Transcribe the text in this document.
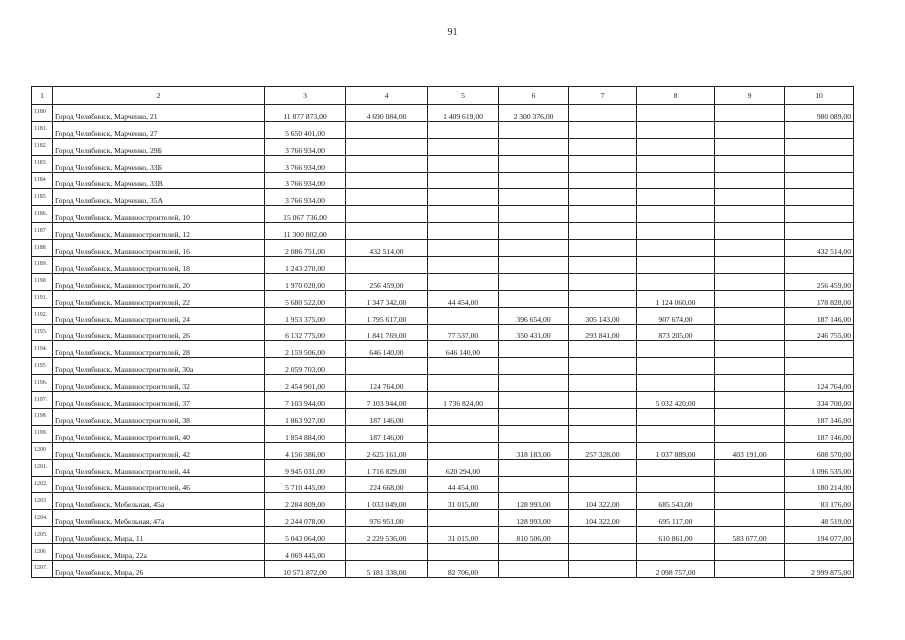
91
1	2	3	4	5	6	7	8	9	10
1180	Город Челябинск, Марченко, 21	11 877 873,00	4 690 084,00	1 409 619,00	2 300 376,00				980 089,00
1181.	Город Челябинск, Марченко, 27	5 650 401,00							
1182	Город Челябинск, Марченко, 29Б	3 766 934,00							
1183	Город Челябинск, Марченко, 33Б	3 766 934,00							
1184	Город Челябинск, Марченко, 33В	3 766 934,00							
1185	Город Челябинск, Марченко, 35А	3 766 934,00							
1186.	Город Челябинск, Машиностроителей, 10	15 067 736,00							
1187	Город Челябинск, Машиностроителей, 12	11 300 802,00							
1188	Город Челябинск, Машиностроителей, 16	2 086 751,00	432 514,00						432 514,00
1189.	Город Челябинск, Машиностроителей, 18	1 243 270,00							
1190	Город Челябинск, Машиностроителей, 20	1 970 020,00	256 459,00						256 459,00
1191.	Город Челябинск, Машиностроителей, 22	5 680 522,00	1 347 342,00	44 454,00			1 124 060,00		178 828,00
1192.	Город Челябинск, Машиностроителей, 24	1 953 375,00	1 795 617,00		396 654,00	305 143,00	907 674,00		187 146,00
1193.	Город Челябинск, Машиностроителей, 26	6 132 775,00	1 841 769,00	77 537,00	350 431,00	293 841,00	873 205,00		246 755,00
1194.	Город Челябинск, Машиностроителей, 28	2 159 506,00	646 140,00	646 140,00					
1195	Город Челябинск, Машиностроителей, 30а	2 059 703,00							
1196.	Город Челябинск, Машиностроителей, 32	2 454 901,00	124 764,00						124 764,00
1197.	Город Челябинск, Машиностроителей, 37	7 103 944,00	7 103 944,00	1 736 824,00			5 032 420,00		334 700,00
1198	Город Челябинск, Машиностроителей, 38	1 863 927,00	187 146,00						187 146,00
1199.	Город Челябинск, Машиностроителей, 40	1 854 884,00	187 146,00						187 146,00
1200	Город Челябинск, Машиностроителей, 42	4 156 386,00	2 625 161,00		318 183,00	257 328,00	1 037 889,00	403 191,00	608 570,00
1201.	Город Челябинск, Машиностроителей, 44	9 945 031,00	1 716 829,00	620 294,00					1 096 535,00
1202.	Город Челябинск, Машиностроителей, 46	5 710 445,00	224 668,00	44 454,00					180 214,00
1203	Город Челябинск, Мебельная, 45а	2 284 809,00	1 033 049,00	31 015,00	128 993,00	104 322,00	685 543,00		83 176,00
1204.	Город Челябинск, Мебельная, 47а	2 244 078,00	976 951,00		128 993,00	104 322,00	695 117,00		48 519,00
1205.	Город Челябинск, Мира, 11	5 043 064,00	2 229 536,00	31 015,00	810 506,00		610 861,00	583 077,00	194 077,00
1206	Город Челябинск, Мира, 22а	4 069 445,00							
1207.	Город Челябинск, Мира, 26	10 571 872,00	5 181 338,00	82 706,00			2 098 757,00		2 999 875,00
